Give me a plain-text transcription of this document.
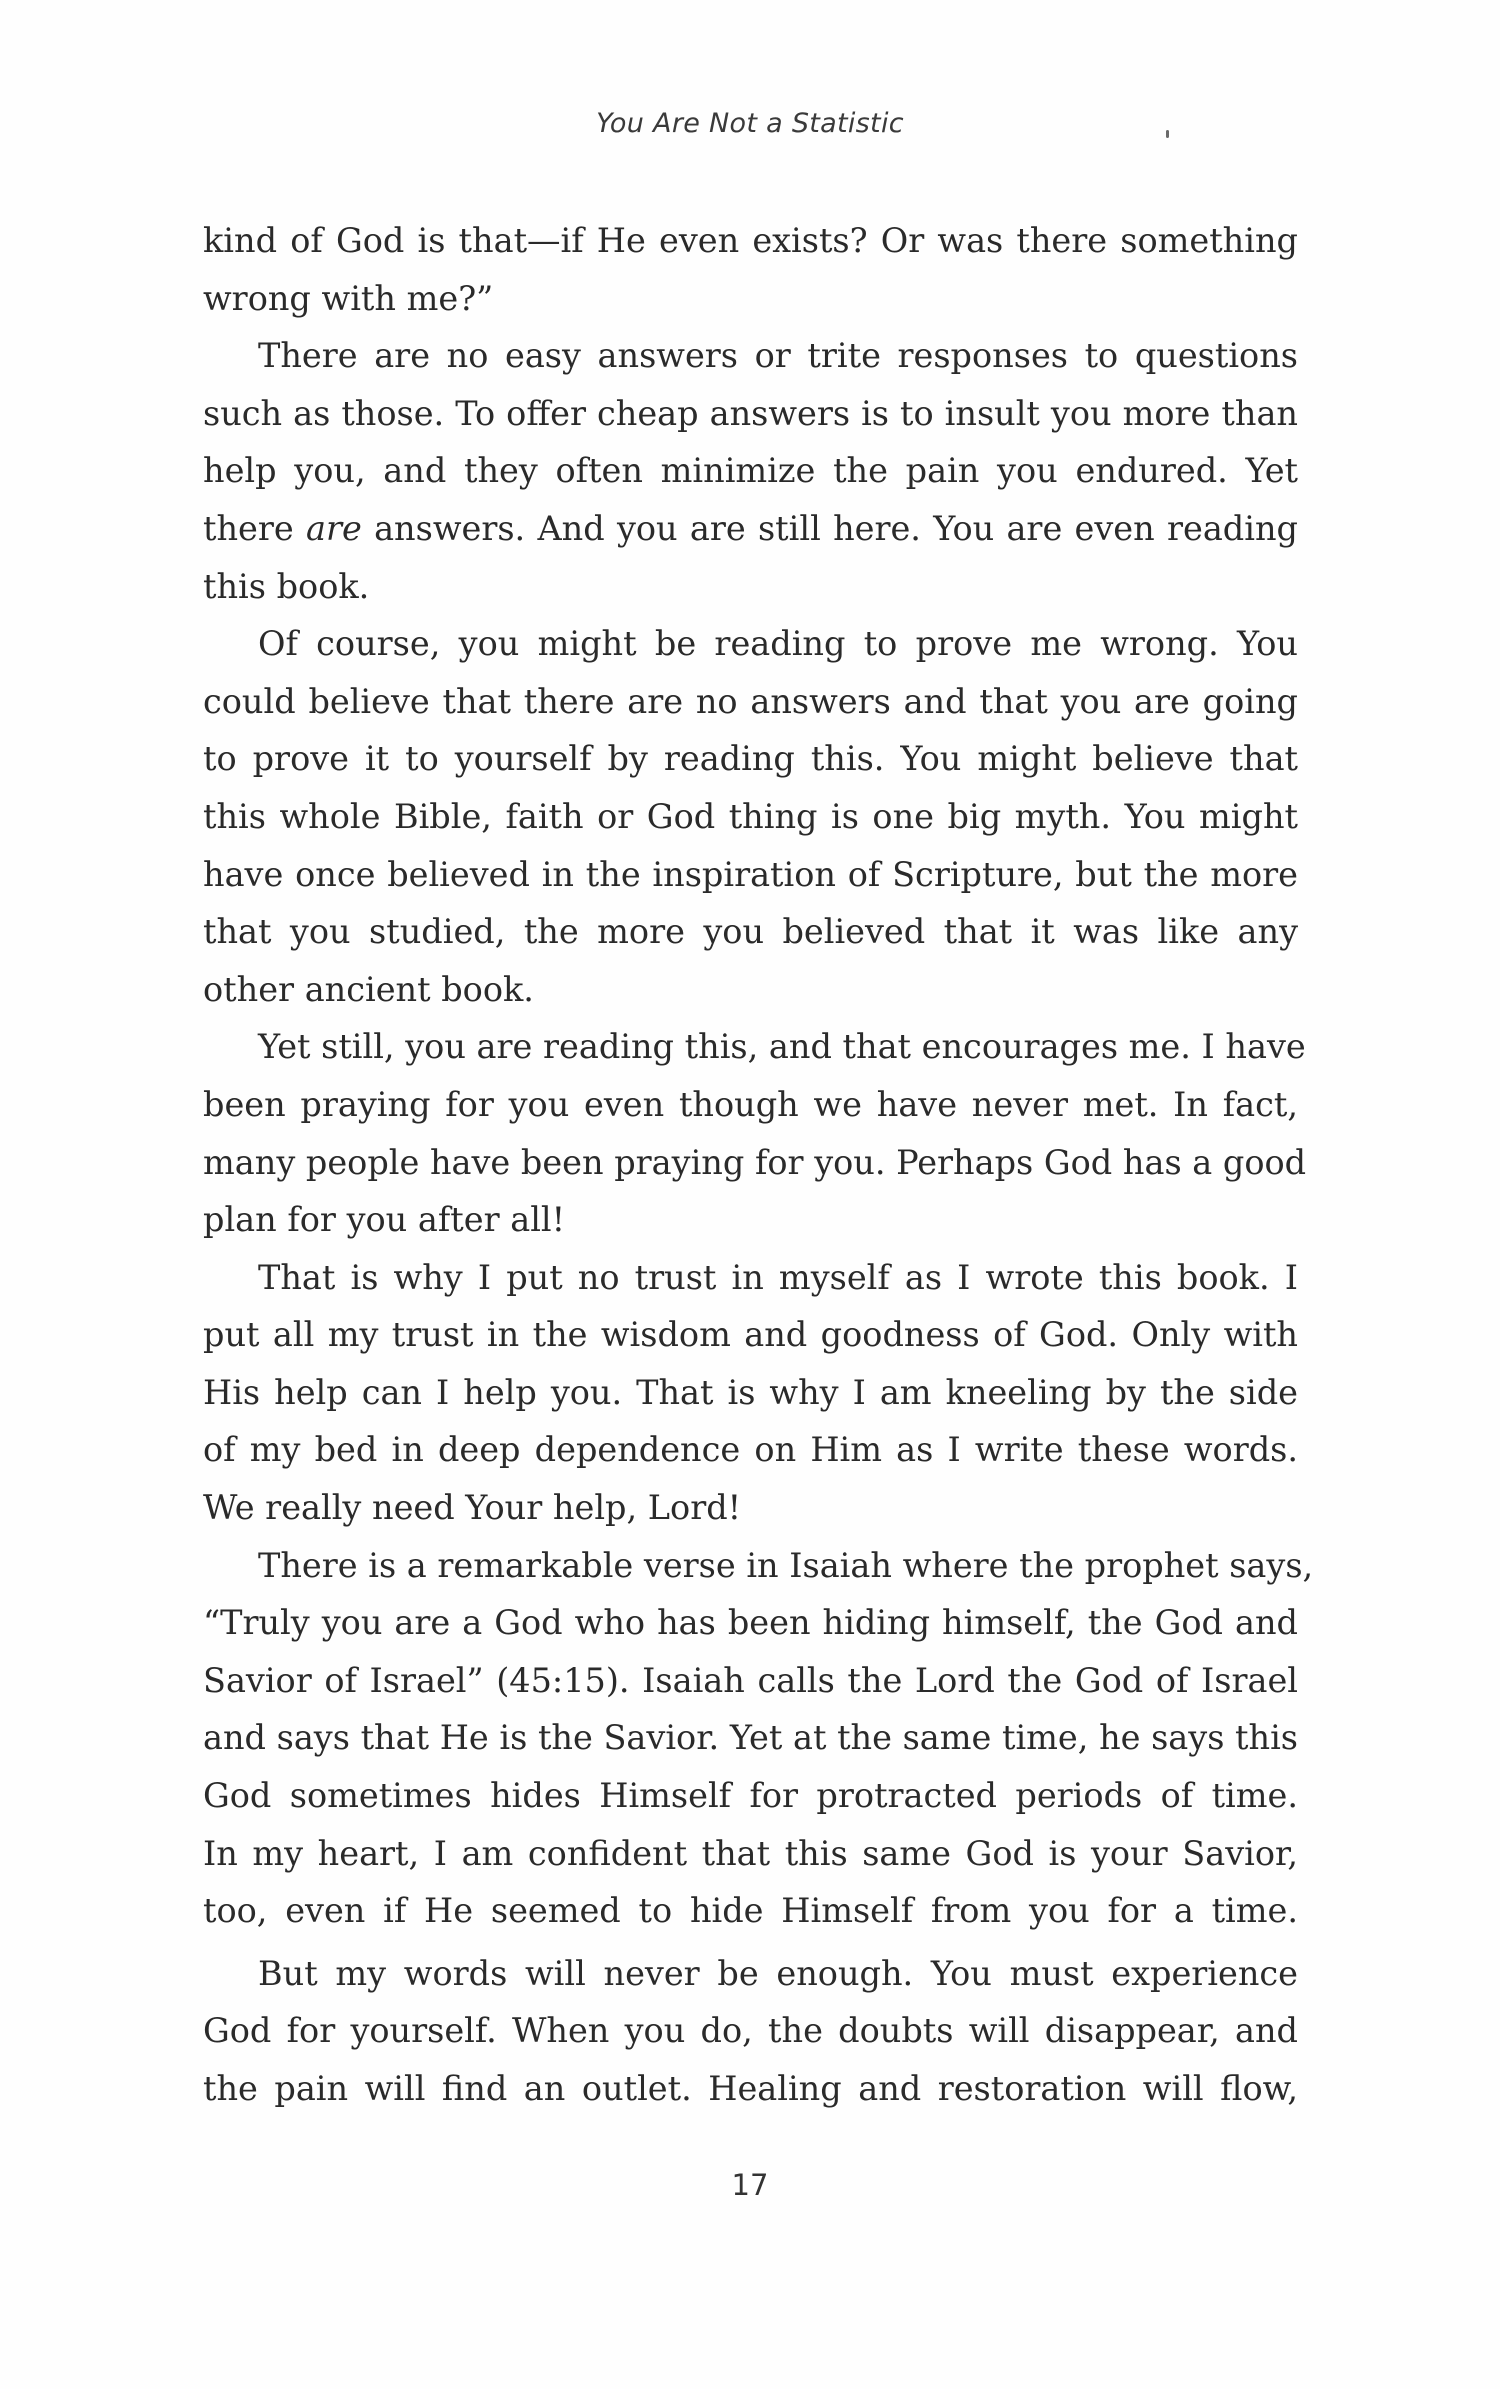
You Are Not a Statistic
kind of God is that—if He even exists? Or was there something
wrong with me?”
There are no easy answers or trite responses to questions
such as those. To offer cheap answers is to insult you more than
help you, and they often minimize the pain you endured. Yet
there are answers. And you are still here. You are even reading
this book.
Of course, you might be reading to prove me wrong. You
could believe that there are no answers and that you are going
to prove it to yourself by reading this. You might believe that
this whole Bible, faith or God thing is one big myth. You might
have once believed in the inspiration of Scripture, but the more
that you studied, the more you believed that it was like any
other ancient book.
Yet still, you are reading this, and that encourages me. I have
been praying for you even though we have never met. In fact,
many people have been praying for you. Perhaps God has a good
plan for you after all!
That is why I put no trust in myself as I wrote this book. I
put all my trust in the wisdom and goodness of God. Only with
His help can I help you. That is why I am kneeling by the side
of my bed in deep dependence on Him as I write these words.
We really need Your help, Lord!
There is a remarkable verse in Isaiah where the prophet says,
“Truly you are a God who has been hiding himself, the God and
Savior of Israel” (45:15). Isaiah calls the Lord the God of Israel
and says that He is the Savior. Yet at the same time, he says this
God sometimes hides Himself for protracted periods of time.
In my heart, I am confident that this same God is your Savior,
too, even if He seemed to hide Himself from you for a time.
But my words will never be enough. You must experience
God for yourself. When you do, the doubts will disappear, and
the pain will find an outlet. Healing and restoration will flow,
17
